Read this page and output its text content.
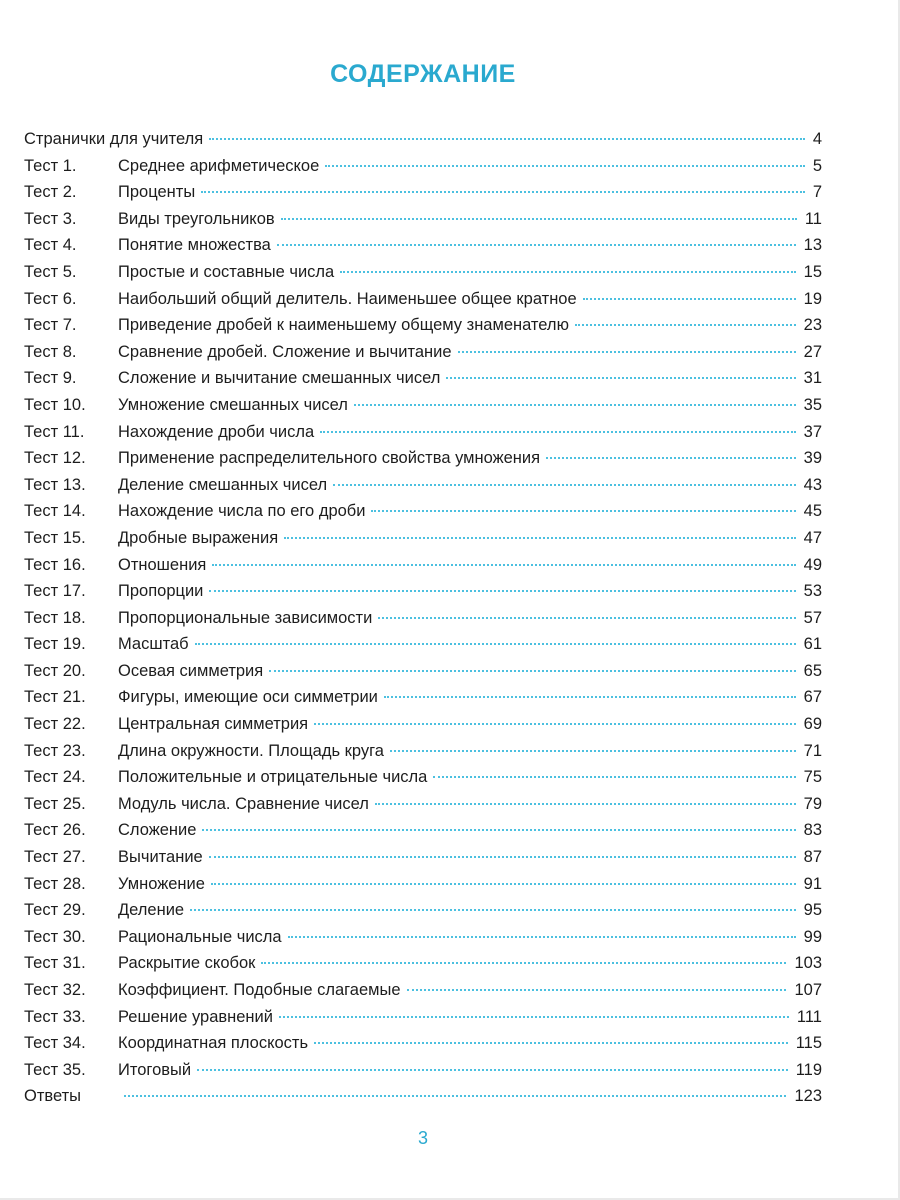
СОДЕРЖАНИЕ
Странички для учителя	4
Тест 1.	Среднее арифметическое	5
Тест 2.	Проценты	7
Тест 3.	Виды треугольников	11
Тест 4.	Понятие множества	13
Тест 5.	Простые и составные числа	15
Тест 6.	Наибольший общий делитель. Наименьшее общее кратное	19
Тест 7.	Приведение дробей к наименьшему общему знаменателю	23
Тест 8.	Сравнение дробей. Сложение и вычитание	27
Тест 9.	Сложение и вычитание смешанных чисел	31
Тест 10.	Умножение смешанных чисел	35
Тест 11.	Нахождение дроби числа	37
Тест 12.	Применение распределительного свойства умножения	39
Тест 13.	Деление смешанных чисел	43
Тест 14.	Нахождение числа по его дроби	45
Тест 15.	Дробные выражения	47
Тест 16.	Отношения	49
Тест 17.	Пропорции	53
Тест 18.	Пропорциональные зависимости	57
Тест 19.	Масштаб	61
Тест 20.	Осевая симметрия	65
Тест 21.	Фигуры, имеющие оси симметрии	67
Тест 22.	Центральная симметрия	69
Тест 23.	Длина окружности. Площадь круга	71
Тест 24.	Положительные и отрицательные числа	75
Тест 25.	Модуль числа. Сравнение чисел	79
Тест 26.	Сложение	83
Тест 27.	Вычитание	87
Тест 28.	Умножение	91
Тест 29.	Деление	95
Тест 30.	Рациональные числа	99
Тест 31.	Раскрытие скобок	103
Тест 32.	Коэффициент. Подобные слагаемые	107
Тест 33.	Решение уравнений	111
Тест 34.	Координатная плоскость	115
Тест 35.	Итоговый	119
Ответы	123
3
